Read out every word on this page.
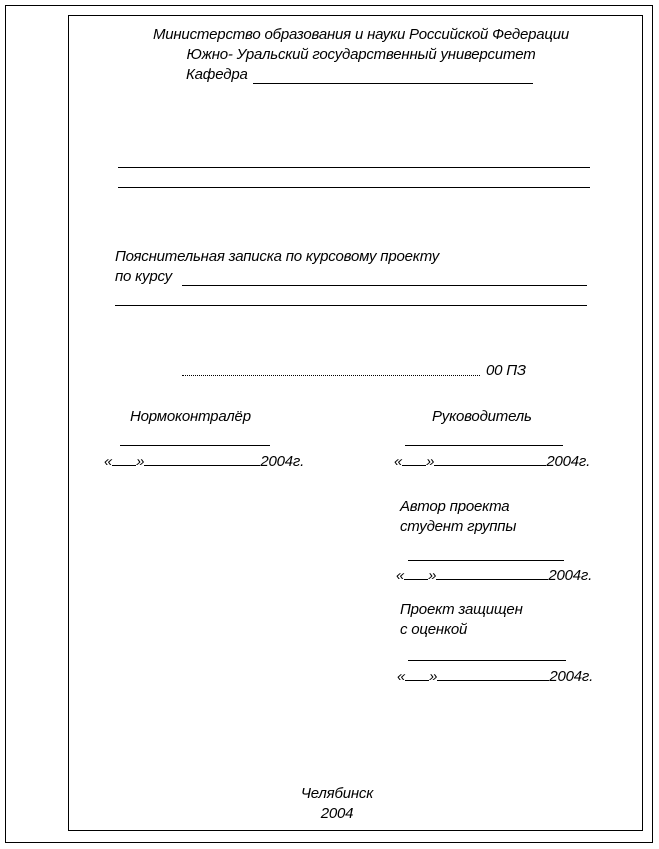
Министерство образования и науки Российской Федерации
Южно- Уральский государственный университет
Кафедра
Пояснительная записка по курсовому проекту
по курсу
00 ПЗ
Нормоконтралёр
« »	2004г.
Руководитель
« »	2004г.
Автор проекта
студент группы
« »	2004г.
Проект защищен
с оценкой
« »	2004г.
Челябинск
2004
